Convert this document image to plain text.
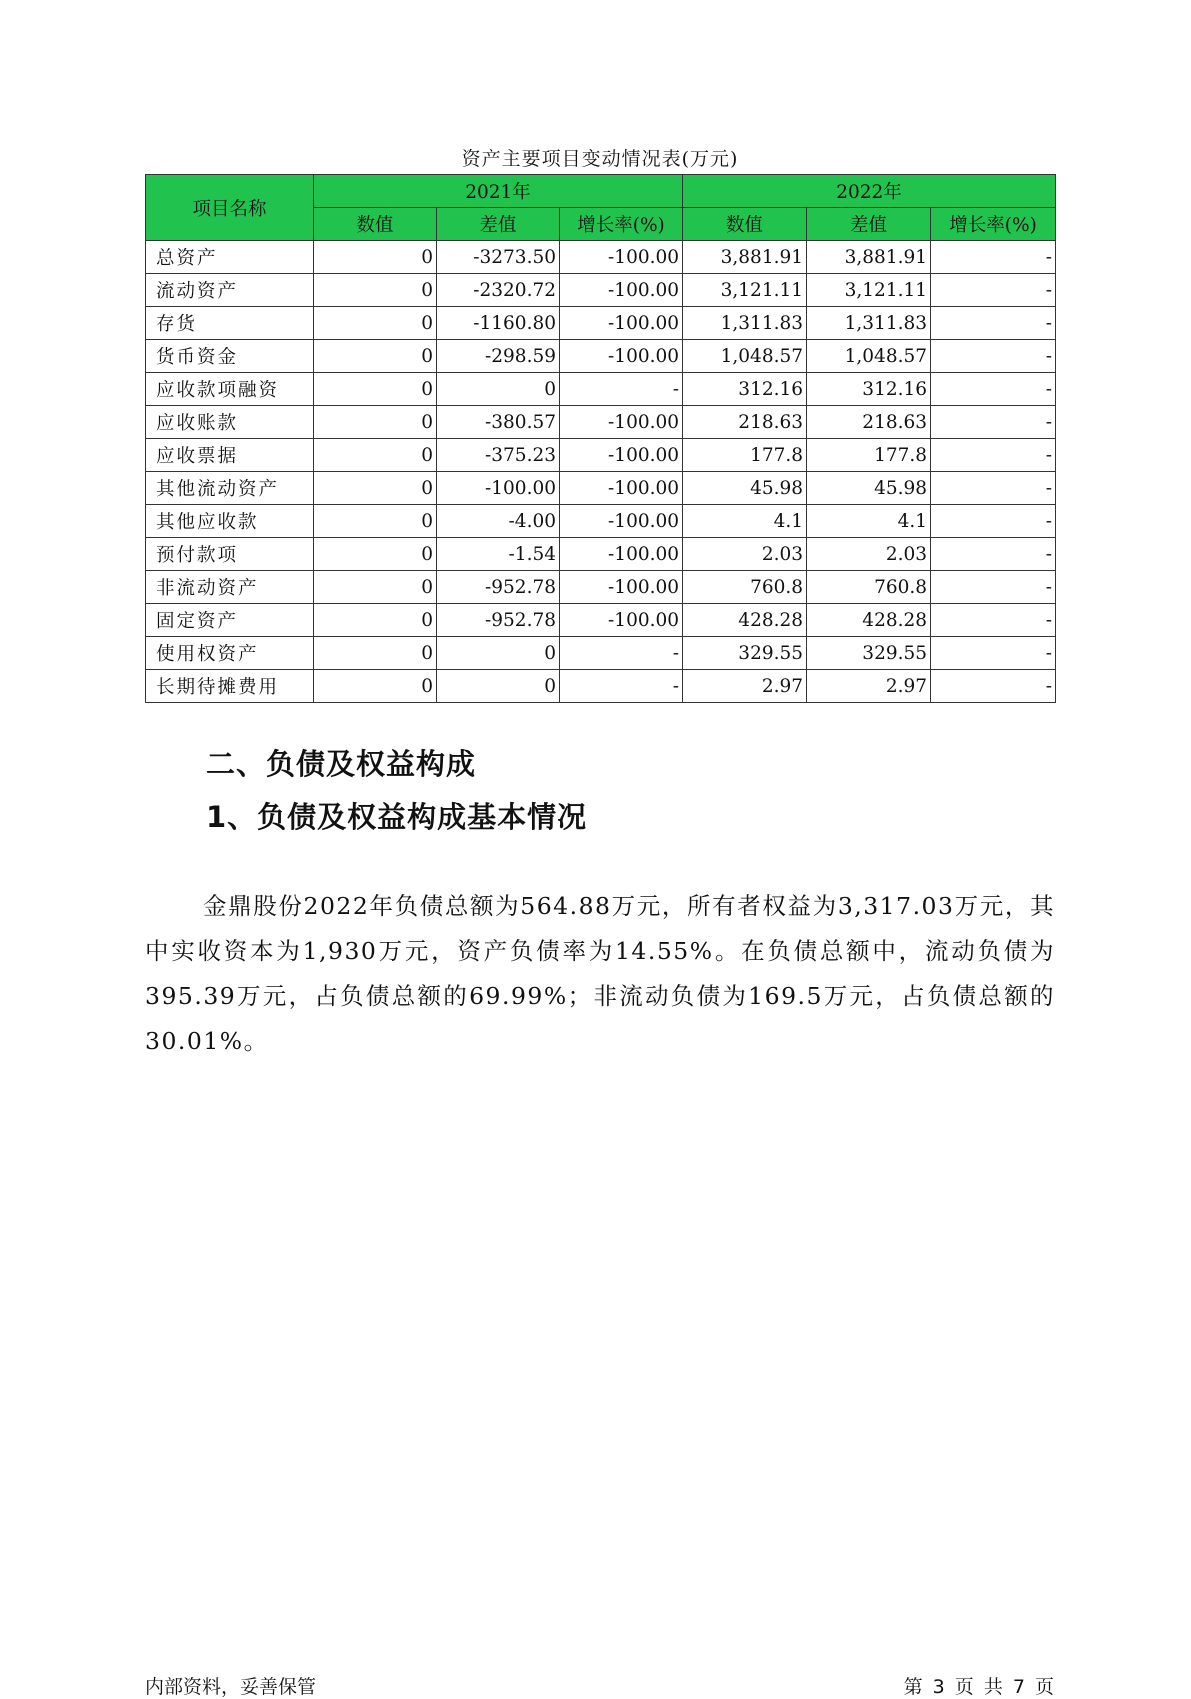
资产主要项目变动情况表(万元)
项目名称	2021年			2022年		
	数值	差值	增长率(%)	数值	差值	增长率(%)
总资产	0	-3273.50	-100.00	3,881.91	3,881.91	-
流动资产	0	-2320.72	-100.00	3,121.11	3,121.11	-
存货	0	-1160.80	-100.00	1,311.83	1,311.83	-
货币资金	0	-298.59	-100.00	1,048.57	1,048.57	-
应收款项融资	0	0	-	312.16	312.16	-
应收账款	0	-380.57	-100.00	218.63	218.63	-
应收票据	0	-375.23	-100.00	177.8	177.8	-
其他流动资产	0	-100.00	-100.00	45.98	45.98	-
其他应收款	0	-4.00	-100.00	4.1	4.1	-
预付款项	0	-1.54	-100.00	2.03	2.03	-
非流动资产	0	-952.78	-100.00	760.8	760.8	-
固定资产	0	-952.78	-100.00	428.28	428.28	-
使用权资产	0	0	-	329.55	329.55	-
长期待摊费用	0	0	-	2.97	2.97	-
二、负债及权益构成
1、负债及权益构成基本情况

金鼎股份2022年负债总额为564.88万元，所有者权益为3,317.03万元，其中实收资本为1,930万元，资产负债率为14.55%。在负债总额中，流动负债为395.39万元，占负债总额的69.99%；非流动负债为169.5万元，占负债总额的30.01%。

内部资料，妥善保管	第 3 页 共 7 页
